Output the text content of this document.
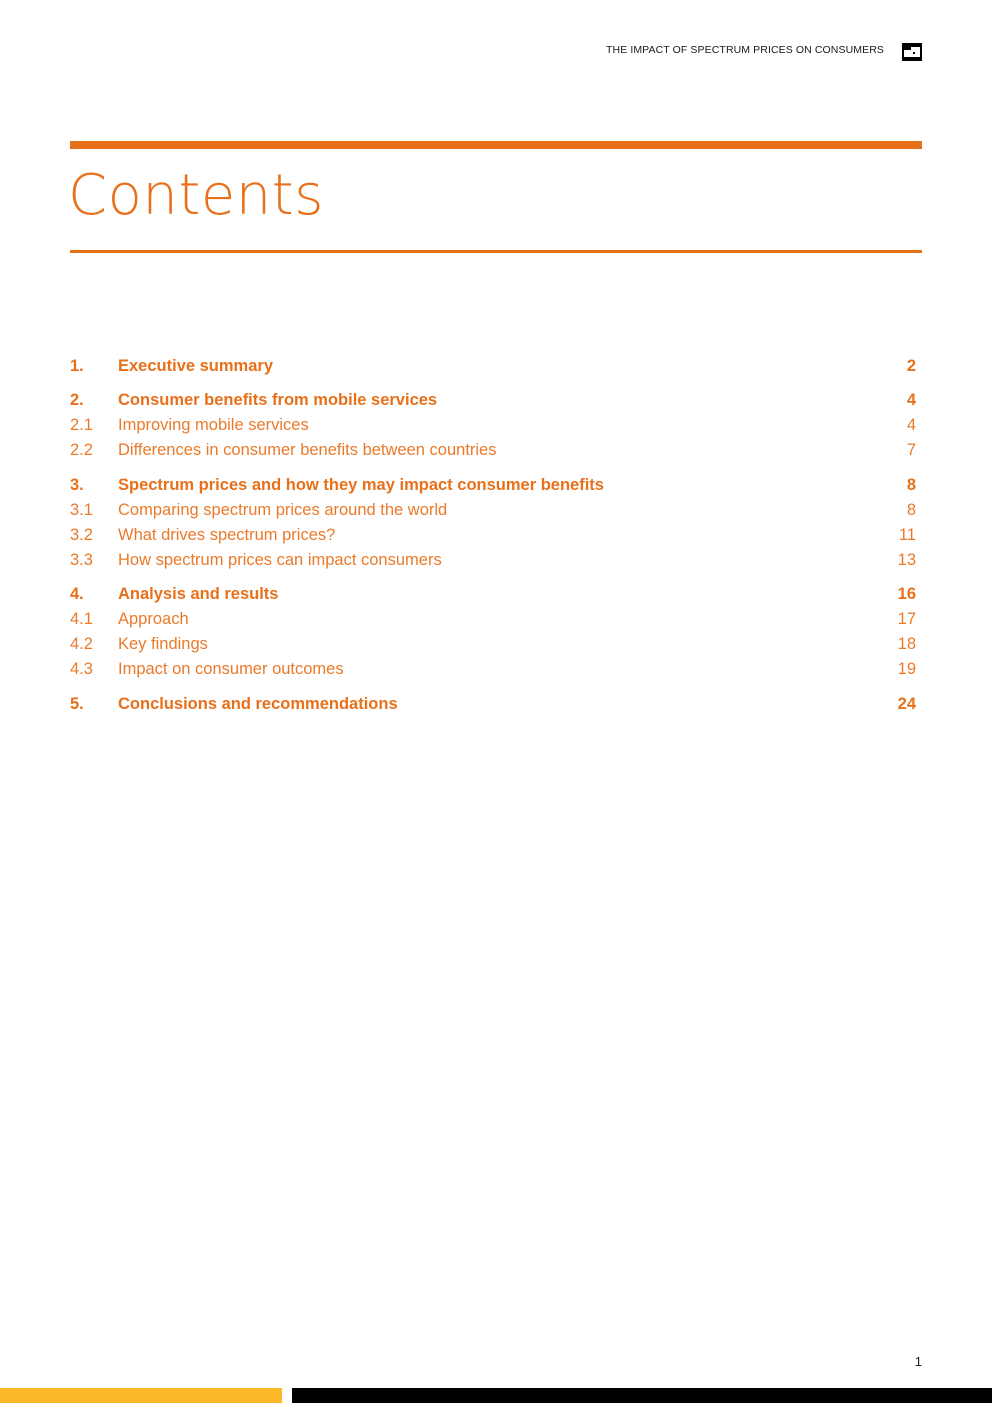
THE IMPACT OF SPECTRUM PRICES ON CONSUMERS
Contents
1. Executive summary	2
2. Consumer benefits from mobile services	4
2.1 Improving mobile services	4
2.2 Differences in consumer benefits between countries	7
3. Spectrum prices and how they may impact consumer benefits	8
3.1 Comparing spectrum prices around the world	8
3.2 What drives spectrum prices?	11
3.3 How spectrum prices can impact consumers	13
4. Analysis and results	16
4.1 Approach	17
4.2 Key findings	18
4.3 Impact on consumer outcomes	19
5. Conclusions and recommendations	24
1
